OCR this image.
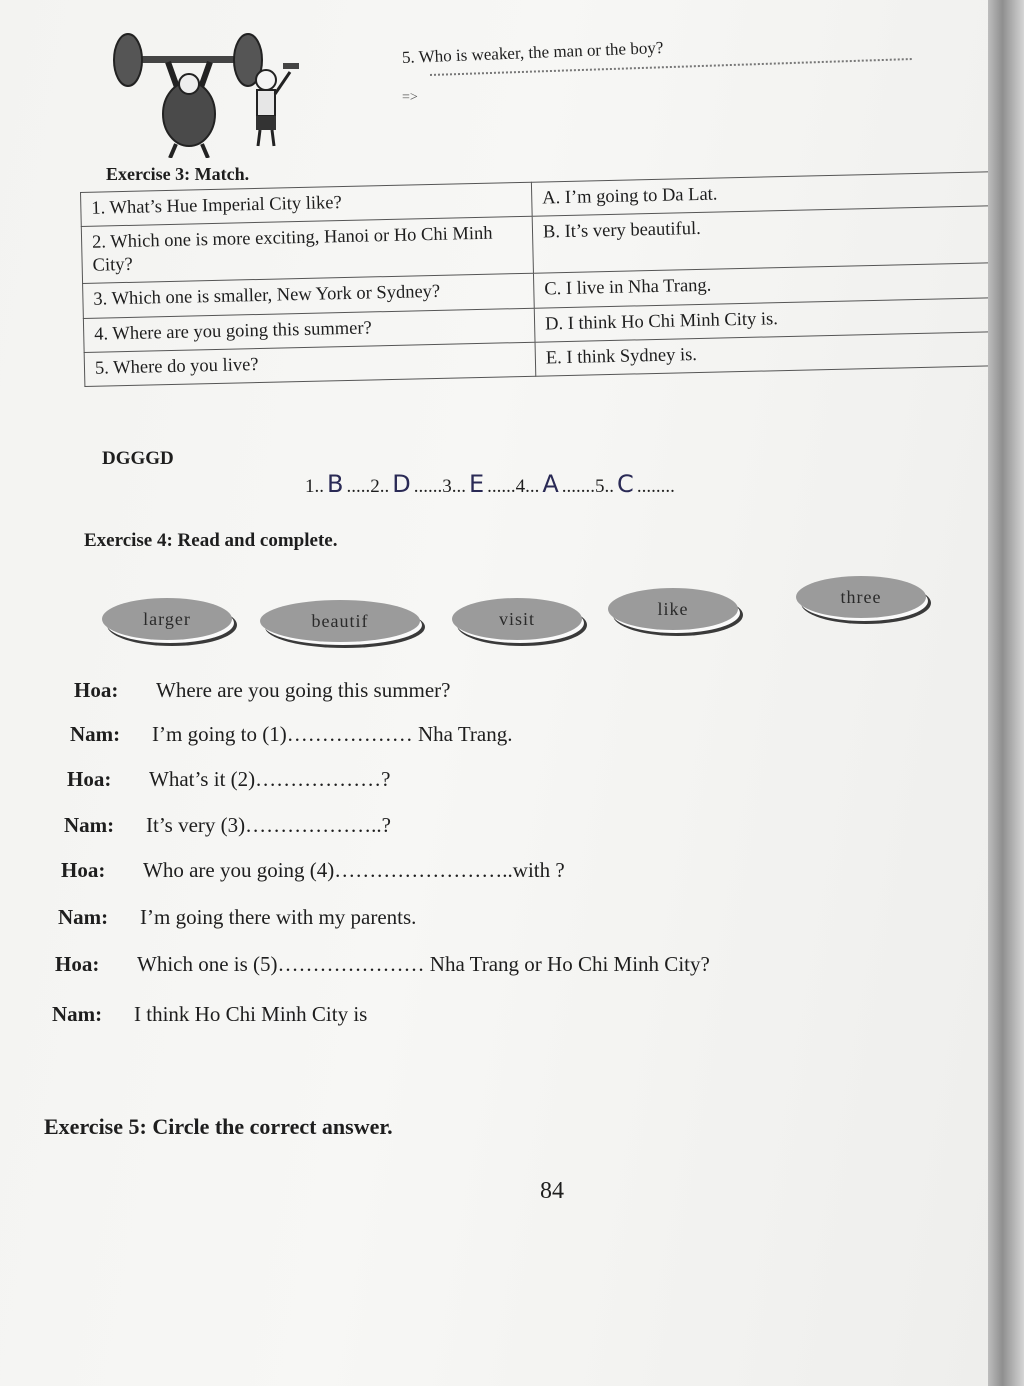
5. Who is weaker, the man or the boy?
=>
Exercise 3: Match.
1. What’s Hue Imperial City like?	A. I’m going to Da Lat.
2. Which one is more exciting, Hanoi or Ho Chi Minh City?	B. It’s very beautiful.
3. Which one is smaller, New York or Sydney?	C. I live in Nha Trang.
4. Where are you going this summer?	D. I think Ho Chi Minh City is.
5. Where do you live?	E. I think Sydney is.
DGGGD
1.. B .....2.. D ......3... E ......4... A .......5.. C ........
Exercise 4: Read and complete.
larger	beautif	visit	like
three
Hoa: Where are you going this summer?
Nam: I’m going to (1)……………… Nha Trang.
Hoa: What’s it (2)………………?
Nam: It’s very (3)………………..?
Hoa: Who are you going (4)……………………..with ?
Nam: I’m going there with my parents.
Hoa: Which one is (5)………………… Nha Trang or Ho Chi Minh City?
Nam: I think Ho Chi Minh City is
Exercise 5: Circle the correct answer.
84
